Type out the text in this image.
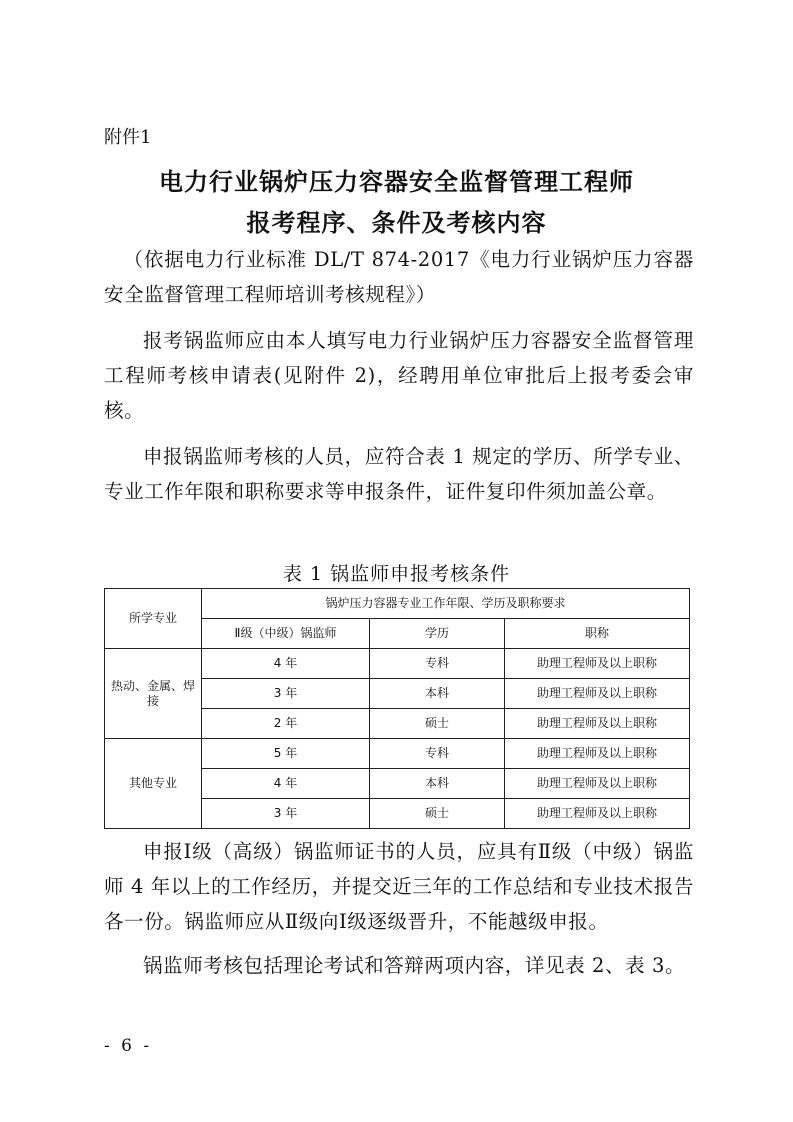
附件1
电力行业锅炉压力容器安全监督管理工程师
报考程序、条件及考核内容
（依据电力行业标准 DL/T 874-2017《电力行业锅炉压力容器安全监督管理工程师培训考核规程》）
报考锅监师应由本人填写电力行业锅炉压力容器安全监督管理工程师考核申请表(见附件 2)，经聘用单位审批后上报考委会审核。
申报锅监师考核的人员，应符合表 1 规定的学历、所学专业、专业工作年限和职称要求等申报条件，证件复印件须加盖公章。
表 1 锅监师申报考核条件
所学专业	锅炉压力容器专业工作年限、学历及职称要求		
	Ⅱ级（中级）锅监师	学历	职称
热动、金属、焊接	4 年	专科	助理工程师及以上职称
	3 年	本科	助理工程师及以上职称
	2 年	硕士	助理工程师及以上职称
其他专业	5 年	专科	助理工程师及以上职称
	4 年	本科	助理工程师及以上职称
	3 年	硕士	助理工程师及以上职称
申报Ⅰ级（高级）锅监师证书的人员，应具有Ⅱ级（中级）锅监师 4 年以上的工作经历，并提交近三年的工作总结和专业技术报告各一份。锅监师应从Ⅱ级向Ⅰ级逐级晋升，不能越级申报。
锅监师考核包括理论考试和答辩两项内容，详见表 2、表 3。
- 6 -
